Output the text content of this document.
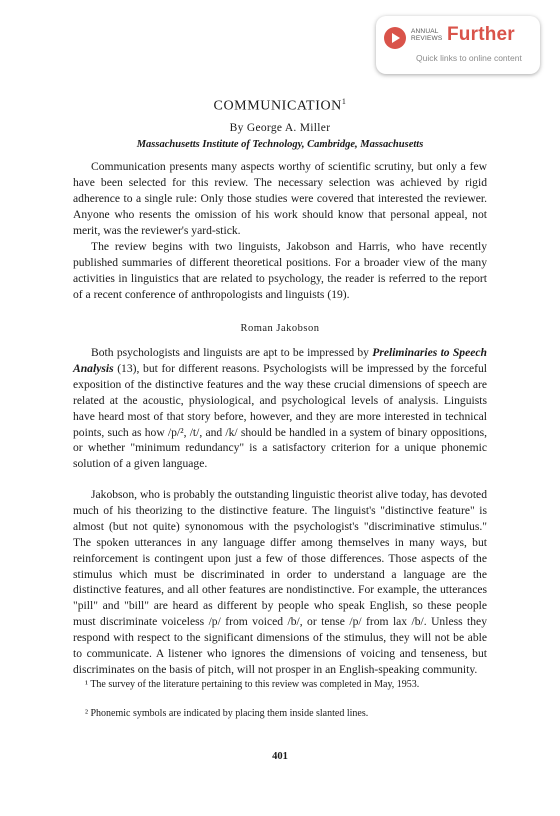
ANNUAL
REVIEWS Further
Quick links to online content
COMMUNICATION$^1$
By George A. Miller
Massachusetts Institute of Technology, Cambridge, Massachusetts

Communication presents many aspects worthy of scientific scrutiny, but only a few have been selected for this review. The necessary selection was achieved by rigid adherence to a single rule: Only those studies were covered that interested the reviewer. Anyone who resents the omission of his work should know that personal appeal, not merit, was the reviewer's yard-stick.

The review begins with two linguists, Jakobson and Harris, who have recently published summaries of different theoretical positions. For a broader view of the many activities in linguistics that are related to psychology, the reader is referred to the report of a recent conference of anthropologists and linguists (19).

Roman Jakobson

Both psychologists and linguists are apt to be impressed by Preliminaries to Speech Analysis (13), but for different reasons. Psychologists will be impressed by the forceful exposition of the distinctive features and the way these crucial dimensions of speech are related at the acoustic, physiological, and psychological levels of analysis. Linguists have heard most of that story before, however, and they are more interested in technical points, such as how /p/², /t/, and /k/ should be handled in a system of binary oppositions, or whether "minimum redundancy" is a satisfactory criterion for a unique phonemic solution of a given language.

Jakobson, who is probably the outstanding linguistic theorist alive today, has devoted much of his theorizing to the distinctive feature. The linguist's "distinctive feature" is almost (but not quite) synonomous with the psychologist's "discriminative stimulus." The spoken utterances in any language differ among themselves in many ways, but reinforcement is contingent upon just a few of those differences. Those aspects of the stimulus which must be discriminated in order to understand a language are the distinctive features, and all other features are nondistinctive. For example, the utterances "pill" and "bill" are heard as different by people who speak English, so these people must discriminate voiceless /p/ from voiced /b/, or tense /p/ from lax /b/. Unless they respond with respect to the significant dimensions of the stimulus, they will not be able to communicate. A listener who ignores the dimensions of voicing and tenseness, but discriminates on the basis of pitch, will not prosper in an English-speaking community.

¹ The survey of the literature pertaining to this review was completed in May, 1953.

² Phonemic symbols are indicated by placing them inside slanted lines.

401
